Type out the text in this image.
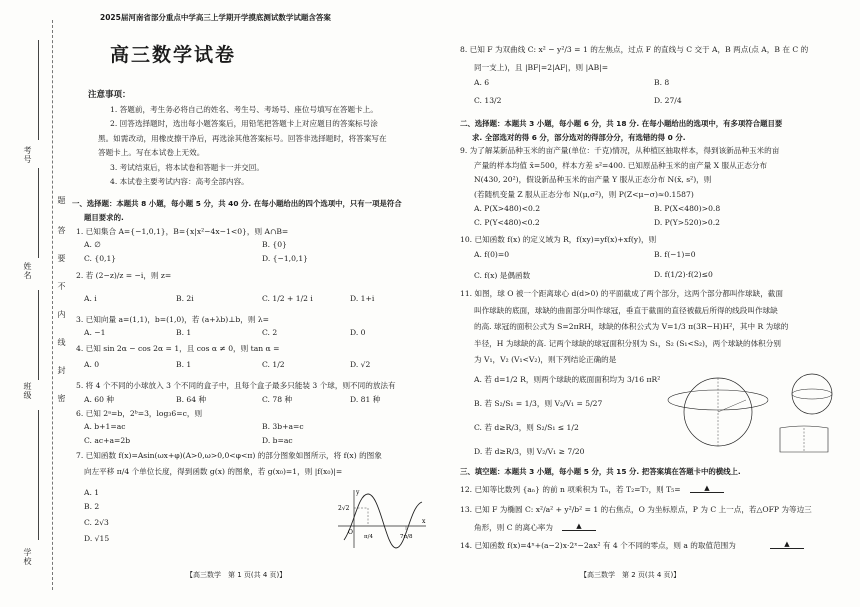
考号
姓名
班级
学校
题
答
要
不
内
线
封
密
2025届河南省部分重点中学高三上学期开学摸底测试数学试题含答案
高三数学试卷
注意事项：
1. 答题前，考生务必将自己的姓名、考生号、考场号、座位号填写在答题卡上。
2. 回答选择题时，选出每小题答案后，用铅笔把答题卡上对应题目的答案标号涂
黑。如需改动，用橡皮擦干净后，再选涂其他答案标号。回答非选择题时，将答案写在
答题卡上。写在本试卷上无效。
3. 考试结束后，将本试卷和答题卡一并交回。
4. 本试卷主要考试内容：高考全部内容。
一、选择题：本题共 8 小题，每小题 5 分，共 40 分. 在每小题给出的四个选项中，只有一项是符合
题目要求的.
1. 已知集合 A={−1,0,1}，B={x|x²−4x−1<0}，则 A∩B=
A. ∅	B. {0}
C. {0,1}	D. {−1,0,1}
2. 若 (2−z)/z = −i，则 z=
A. i	B. 2i	C. 1/2 + 1/2 i	D. 1+i
3. 已知向量 a=(1,1)，b=(1,0)，若 (a+λb)⊥b，则 λ=
A. −1	B. 1	C. 2	D. 0
4. 已知 sin 2α − cos 2α = 1，且 cos α ≠ 0，则 tan α =
A. 0	B. 1	C. 1/2	D. √2
5. 将 4 个不同的小球放入 3 个不同的盒子中，且每个盒子最多只能装 3 个球，则不同的放法有
A. 60 种	B. 64 种	C. 78 种	D. 81 种
6. 已知 2ᵃ=b，2ᵇ=3，log₃6=c，则
A. b+1=ac	B. 3b+a=c
C. ac+a=2b	D. b=ac
7. 已知函数 f(x)=Asin(ωx+φ)(A>0,ω>0,0<φ<π) 的部分图象如图所示，将 f(x) 的图象
向左平移 π/4 个单位长度，得到函数 g(x) 的图象，若 g(x₀)=1，则 |f(x₀)|=
A. 1
B. 2
C. 2√3
D. √15
y
x
2√2
O
π/4	7π/8
【高三数学　第 1 页(共 4 页)】
8. 已知 F 为双曲线 C: x² − y²/3 = 1 的左焦点，过点 F 的直线与 C 交于 A，B 两点(点 A，B 在 C 的
同一支上)，且 |BF|=2|AF|，则 |AB|=
A. 6	B. 8
C. 13/2	D. 27/4
二、选择题：本题共 3 小题，每小题 6 分，共 18 分. 在每小题给出的选项中，有多项符合题目要
求. 全部选对的得 6 分，部分选对的得部分分，有选错的得 0 分.
9. 为了解某新品种玉米的亩产量(单位：千克)情况，从种植区抽取样本，得到该新品种玉米的亩
产量的样本均值 x̄=500，样本方差 s²=400. 已知原品种玉米的亩产量 X 服从正态分布
N(430, 20²)，假设新品种玉米的亩产量 Y 服从正态分布 N(x̄, s²)，则
(若随机变量 Z 服从正态分布 N(μ,σ²)，则 P(Z<μ−σ)≈0.1587)
A. P(X>480)<0.2	B. P(X<480)>0.8
C. P(Y<480)<0.2	D. P(Y>520)>0.2
10. 已知函数 f(x) 的定义域为 R，f(xy)=yf(x)+xf(y)，则
A. f(0)=0	B. f(−1)=0
C. f(x) 是偶函数	D. f(1/2)·f(2)≤0
11. 如图，球 O 被一个距离球心 d(d>0) 的平面截成了两个部分，这两个部分都叫作球缺，截面
叫作球缺的底面，球缺的曲面部分叫作球冠，垂直于截面的直径被截后所得的线段叫作球缺
的高. 球冠的面积公式为 S=2πRH，球缺的体积公式为 V=1/3 π(3R−H)H²，其中 R 为球的
半径，H 为球缺的高. 记两个球缺的球冠面积分别为 S₁，S₂ (S₁<S₂)，两个球缺的体积分别
为 V₁，V₂ (V₁<V₂)，则下列结论正确的是
A. 若 d=1/2 R，则两个球缺的底面面积均为 3/16 πR²
B. 若 S₂/S₁ = 1/3，则 V₂/V₁ = 5/27
C. 若 d≥R/3，则 S₂/S₁ ≤ 1/2
D. 若 d≥R/3，则 V₂/V₁ ≥ 7/20
三、填空题：本题共 3 小题，每小题 5 分，共 15 分. 把答案填在答题卡中的横线上.
12. 已知等比数列 {aₙ} 的前 n 项乘积为 Tₙ，若 T₂=T₇，则 T₅=	▲
13. 已知 F 为椭圆 C: x²/a² + y²/b² = 1 的右焦点，O 为坐标原点，P 为 C 上一点，若△OFP 为等边三
角形，则 C 的离心率为	▲
14. 已知函数 f(x)=4ˣ+(a−2)x·2ˣ−2ax² 有 4 个不同的零点，则 a 的取值范围为	▲
【高三数学　第 2 页(共 4 页)】
